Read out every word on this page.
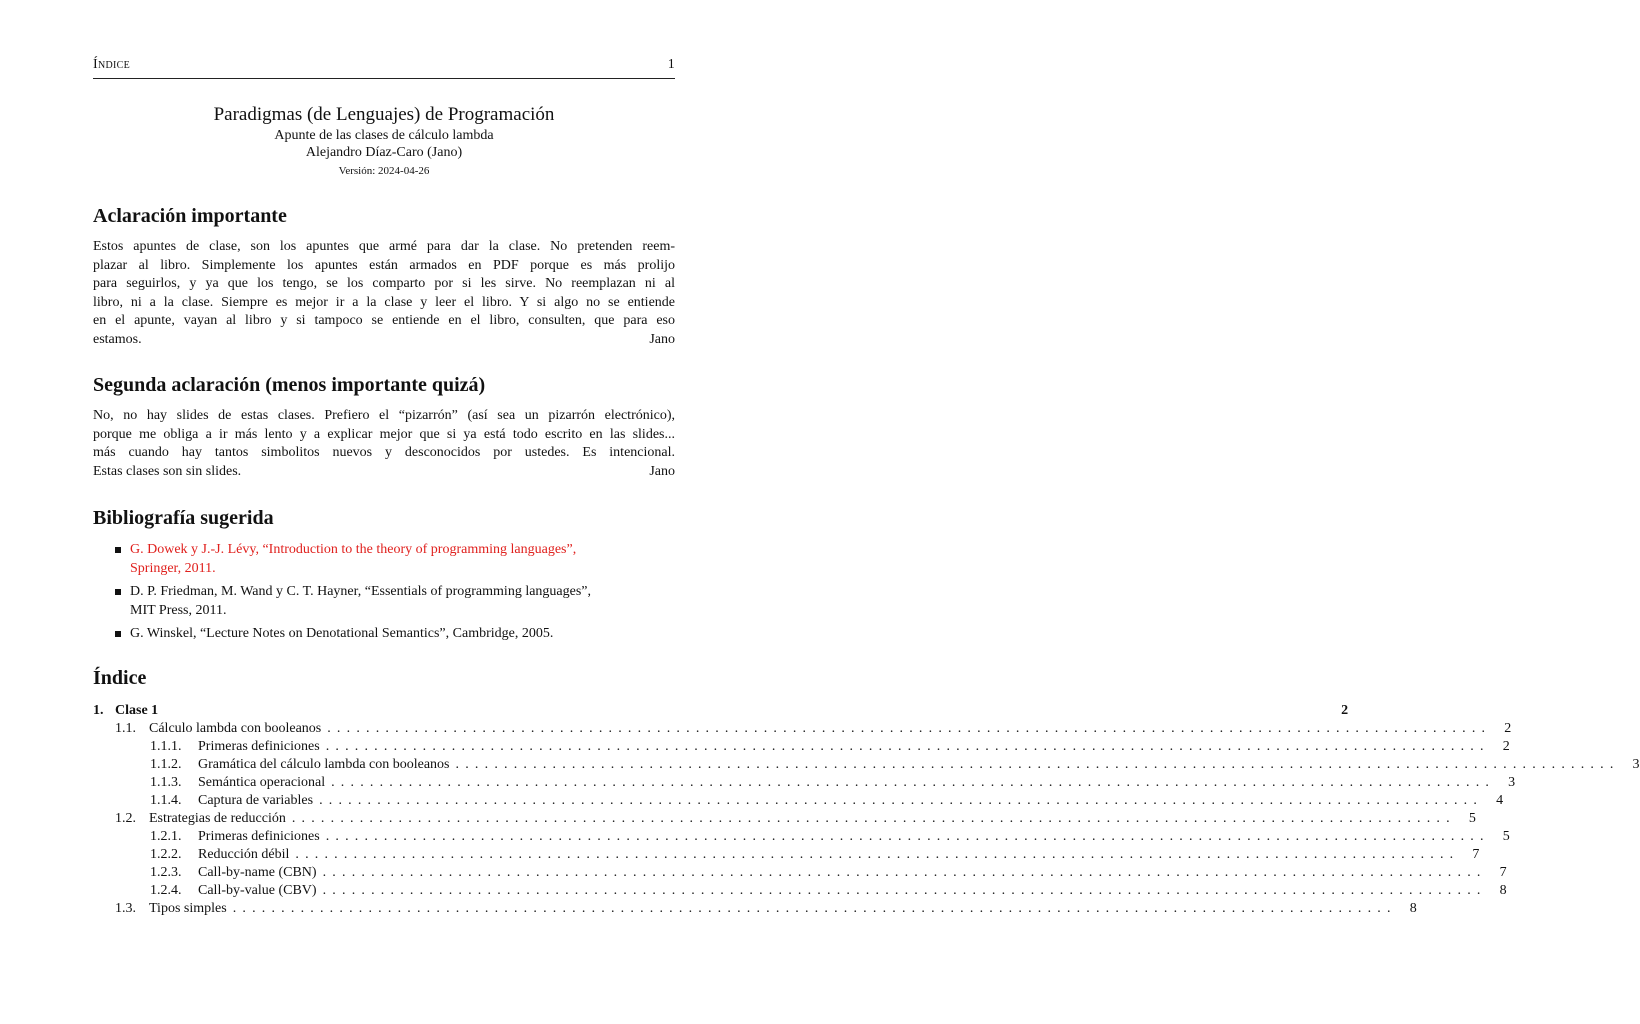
Índice	1
Paradigmas (de Lenguajes) de Programación
Apunte de las clases de cálculo lambda
Alejandro Díaz-Caro (Jano)
Versión: 2024-04-26
Aclaración importante
Estos apuntes de clase, son los apuntes que armé para dar la clase. No pretenden reem-
plazar al libro. Simplemente los apuntes están armados en PDF porque es más prolijo
para seguirlos, y ya que los tengo, se los comparto por si les sirve. No reemplazan ni al
libro, ni a la clase. Siempre es mejor ir a la clase y leer el libro. Y si algo no se entiende
en el apunte, vayan al libro y si tampoco se entiende en el libro, consulten, que para eso
estamos.	Jano
Segunda aclaración (menos importante quizá)
No, no hay slides de estas clases. Prefiero el “pizarrón” (así sea un pizarrón electrónico),
porque me obliga a ir más lento y a explicar mejor que si ya está todo escrito en las slides...
más cuando hay tantos simbolitos nuevos y desconocidos por ustedes. Es intencional.
Estas clases son sin slides.	Jano
Bibliografía sugerida
G. Dowek y J.-J. Lévy, “Introduction to the theory of programming languages”,
Springer, 2011.
D. P. Friedman, M. Wand y C. T. Hayner, “Essentials of programming languages”,
MIT Press, 2011.
G. Winskel, “Lecture Notes on Denotational Semantics”, Cambridge, 2005.
Índice
1. Clase 1	2
1.1. Cálculo lambda con booleanos ........................................................................................................................ 2
1.1.1.	Primeras definiciones ........................................................................................................................ 2
1.1.2.	Gramática del cálculo lambda con booleanos ........................................................................................................................ 3
1.1.3.	Semántica operacional ........................................................................................................................ 3
1.1.4.	Captura de variables ........................................................................................................................ 4
1.2. Estrategias de reducción ........................................................................................................................ 5
1.2.1.	Primeras definiciones ........................................................................................................................ 5
1.2.2.	Reducción débil ........................................................................................................................ 7
1.2.3.	Call-by-name (CBN) ........................................................................................................................ 7
1.2.4.	Call-by-value (CBV) ........................................................................................................................ 8
1.3. Tipos simples ........................................................................................................................ 8
